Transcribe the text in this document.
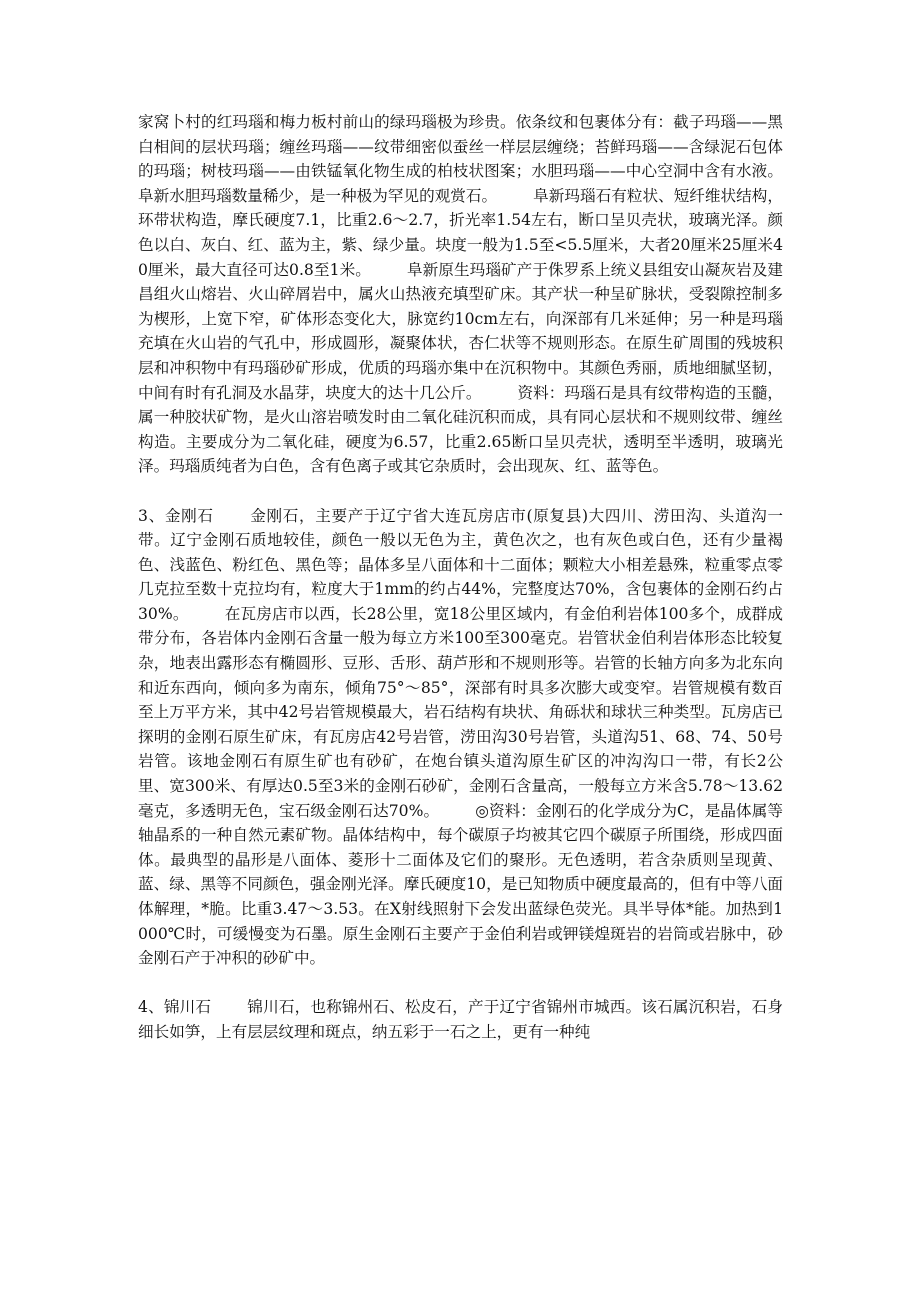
家窝卜村的红玛瑙和梅力板村前山的绿玛瑙极为珍贵。依条纹和包裹体分有：截子玛瑙——黑白相间的层状玛瑙；缠丝玛瑙——纹带细密似蚕丝一样层层缠绕；苔鲜玛瑙——含绿泥石包体的玛瑙；树枝玛瑙——由铁锰氧化物生成的柏枝状图案；水胆玛瑙——中心空洞中含有水液。阜新水胆玛瑙数量稀少，是一种极为罕见的观赏石。 阜新玛瑙石有粒状、短纤维状结构，环带状构造，摩氏硬度7.1，比重2.6～2.7，折光率1.54左右，断口呈贝壳状，玻璃光泽。颜色以白、灰白、红、蓝为主，紫、绿少量。块度一般为1.5至<5.5厘米，大者20厘米25厘米40厘米，最大直径可达0.8至1米。 阜新原生玛瑙矿产于侏罗系上统义县组安山凝灰岩及建昌组火山熔岩、火山碎屑岩中，属火山热液充填型矿床。其产状一种呈矿脉状，受裂隙控制多为楔形，上宽下窄，矿体形态变化大，脉宽约10cm左右，向深部有几米延伸；另一种是玛瑙充填在火山岩的气孔中，形成圆形，凝聚体状，杏仁状等不规则形态。在原生矿周围的残坡积层和冲积物中有玛瑙砂矿形成，优质的玛瑙亦集中在沉积物中。其颜色秀丽，质地细腻坚韧，中间有时有孔洞及水晶芽，块度大的达十几公斤。 资料：玛瑙石是具有纹带构造的玉髓，属一种胶状矿物，是火山溶岩喷发时由二氧化硅沉积而成，具有同心层状和不规则纹带、缠丝构造。主要成分为二氧化硅，硬度为6.57，比重2.65断口呈贝壳状，透明至半透明，玻璃光泽。玛瑙质纯者为白色，含有色离子或其它杂质时，会出现灰、红、蓝等色。

3、金刚石 金刚石，主要产于辽宁省大连瓦房店市(原复县)大四川、涝田沟、头道沟一带。辽宁金刚石质地较佳，颜色一般以无色为主，黄色次之，也有灰色或白色，还有少量褐色、浅蓝色、粉红色、黑色等；晶体多呈八面体和十二面体；颗粒大小相差悬殊，粒重零点零几克拉至数十克拉均有，粒度大于1mm的约占44%，完整度达70%，含包裹体的金刚石约占30%。 在瓦房店市以西，长28公里，宽18公里区域内，有金伯利岩体100多个，成群成带分布，各岩体内金刚石含量一般为每立方米100至300毫克。岩管状金伯利岩体形态比较复杂，地表出露形态有椭圆形、豆形、舌形、葫芦形和不规则形等。岩管的长轴方向多为北东向和近东西向，倾向多为南东，倾角75°～85°，深部有时具多次膨大或变窄。岩管规模有数百至上万平方米，其中42号岩管规模最大，岩石结构有块状、角砾状和球状三种类型。瓦房店已探明的金刚石原生矿床，有瓦房店42号岩管，涝田沟30号岩管，头道沟51、68、74、50号岩管。该地金刚石有原生矿也有砂矿，在炮台镇头道沟原生矿区的冲沟沟口一带，有长2公里、宽300米、有厚达0.5至3米的金刚石砂矿，金刚石含量高，一般每立方米含5.78～13.62毫克，多透明无色，宝石级金刚石达70%。 ◎资料：金刚石的化学成分为C，是晶体属等轴晶系的一种自然元素矿物。晶体结构中，每个碳原子均被其它四个碳原子所围绕，形成四面体。最典型的晶形是八面体、菱形十二面体及它们的聚形。无色透明，若含杂质则呈现黄、蓝、绿、黑等不同颜色，强金刚光泽。摩氏硬度10，是已知物质中硬度最高的，但有中等八面体解理，*脆。比重3.47～3.53。在X射线照射下会发出蓝绿色荧光。具半导体*能。加热到1000℃时，可缓慢变为石墨。原生金刚石主要产于金伯利岩或钾镁煌斑岩的岩筒或岩脉中，砂金刚石产于冲积的砂矿中。

4、锦川石 锦川石，也称锦州石、松皮石，产于辽宁省锦州市城西。该石属沉积岩，石身细长如笋，上有层层纹理和斑点，纳五彩于一石之上，更有一种纯
